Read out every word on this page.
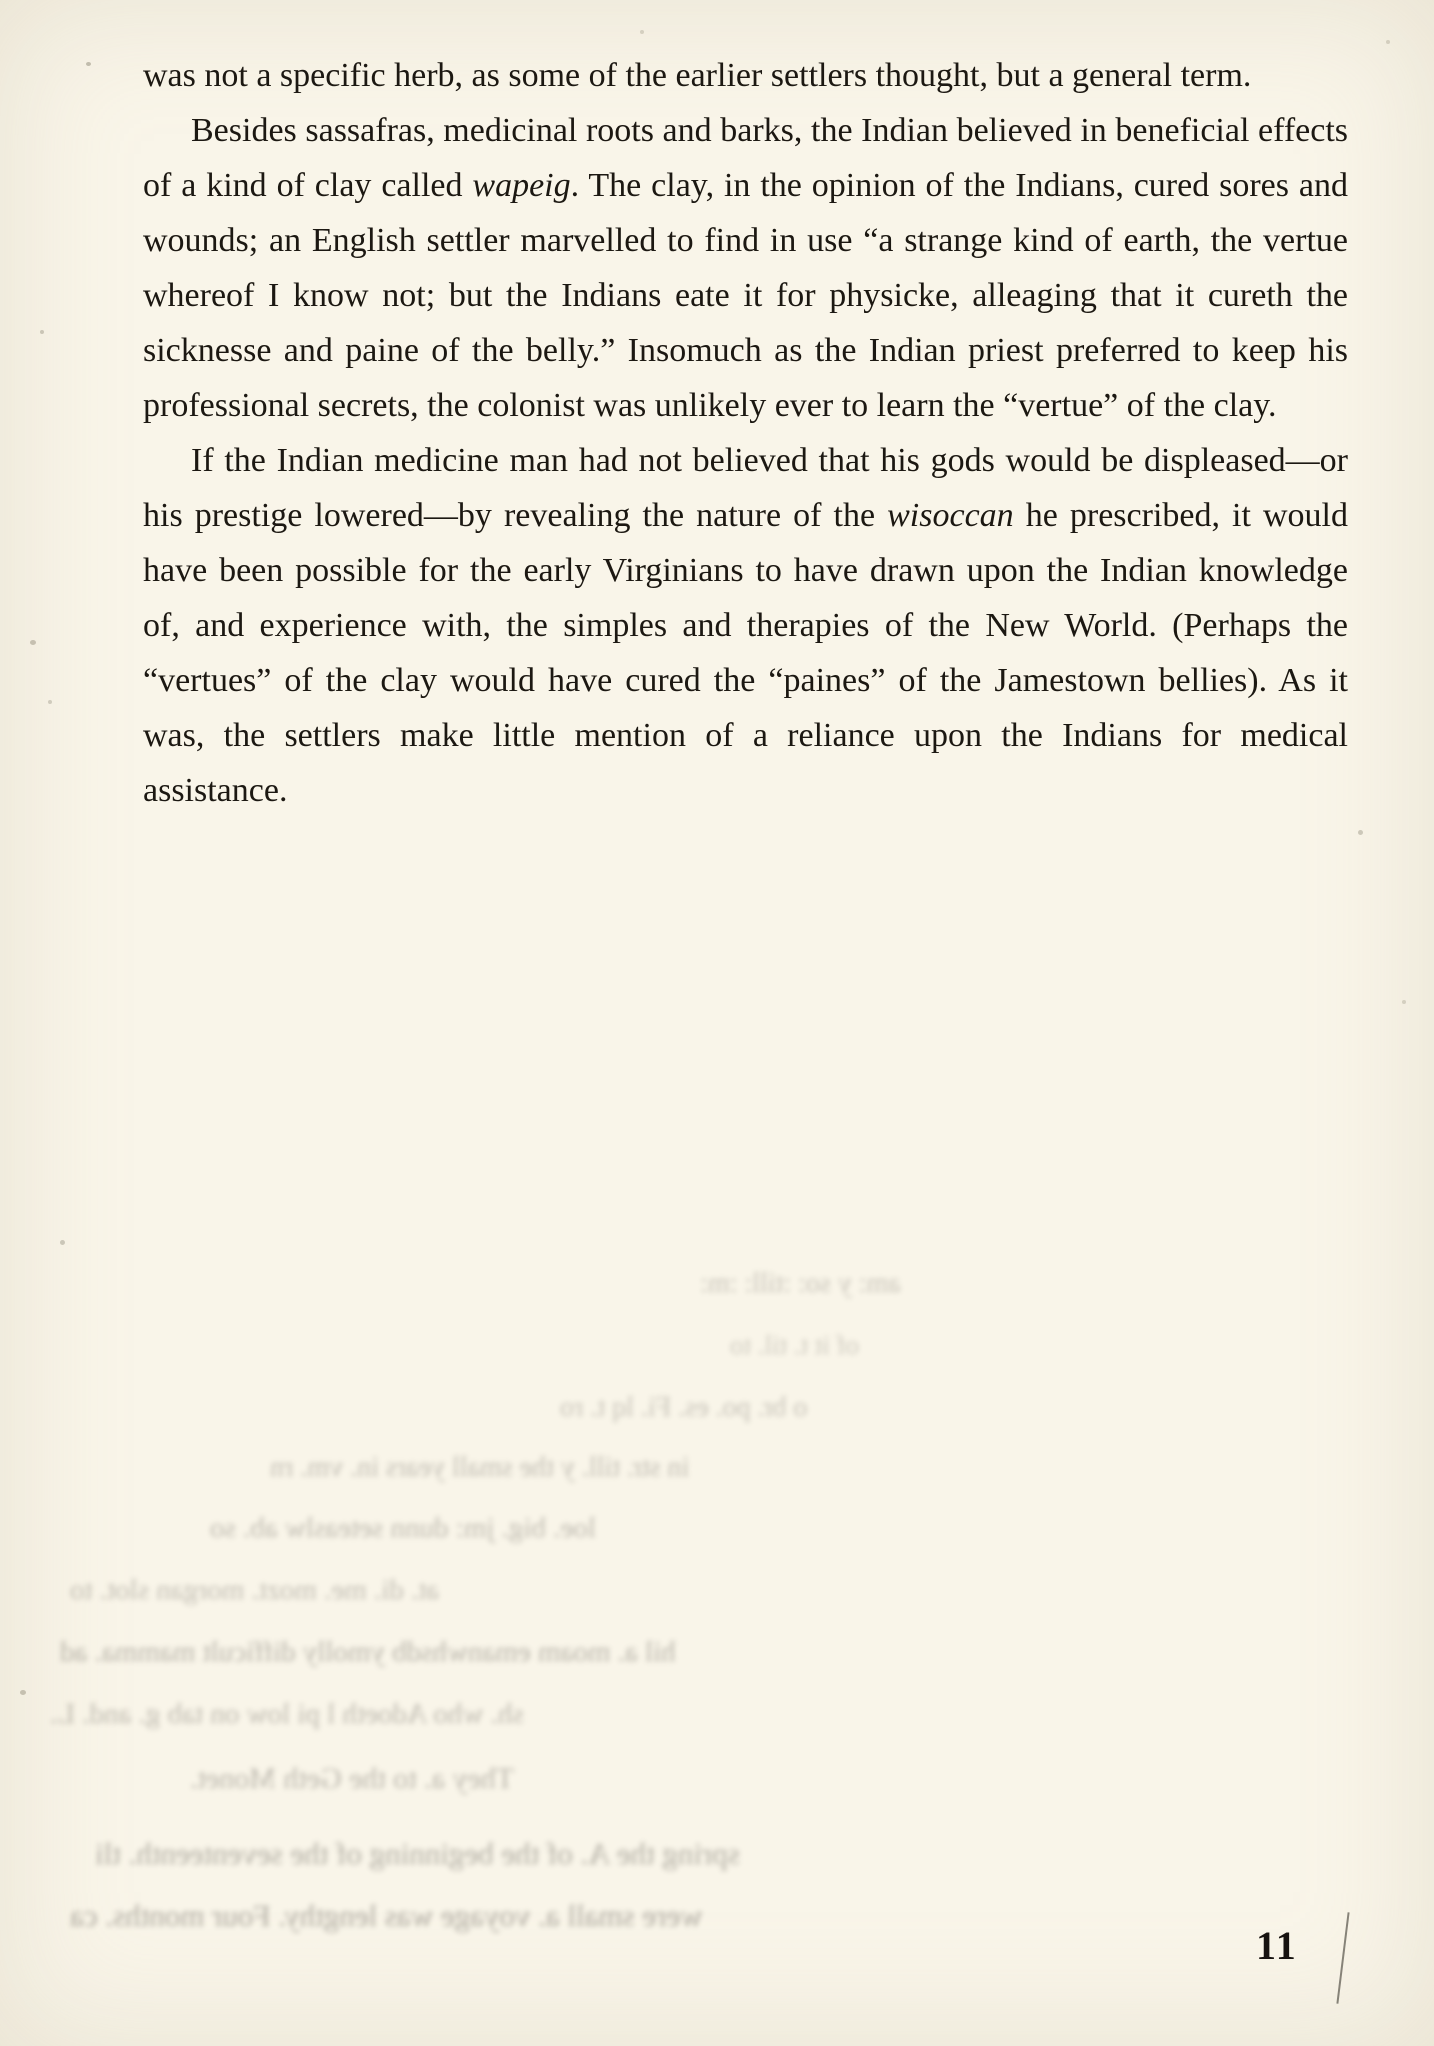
was not a specific herb, as some of the earlier settlers thought, but a general term.

Besides sassafras, medicinal roots and barks, the Indian believed in beneficial effects of a kind of clay called wapeig. The clay, in the opinion of the Indians, cured sores and wounds; an English settler marvelled to find in use “a strange kind of earth, the vertue whereof I know not; but the Indians eate it for physicke, alleaging that it cureth the sicknesse and paine of the belly.” Insomuch as the Indian priest preferred to keep his professional secrets, the colonist was unlikely ever to learn the “vertue” of the clay.

If the Indian medicine man had not believed that his gods would be displeased—or his prestige lowered—by revealing the nature of the wisoccan he prescribed, it would have been possible for the early Virginians to have drawn upon the Indian knowledge of, and experience with, the simples and therapies of the New World. (Perhaps the “vertues” of the clay would have cured the “paines” of the Jamestown bellies). As it was, the settlers make little mention of a reliance upon the Indians for medical assistance.

am: y so: :till: :m:
of it t. til. to
o br. po. es. Fi. lq t. ro
in str. till. y the small years in. vm. rn
loe. big. jm: dunn seteaslw ab. so
at. di. me. mozt. morgan slot. to
hil a. moam emanwhsdb ymolly difficult mamma. ad
sh. who Adoeth l pi low on tab g. and. L.
They a. to the Geth Monet.
spring the A. of the beginning of the seventeenth. tli
were small a. voyage was lengthy. Four months. ca
11
